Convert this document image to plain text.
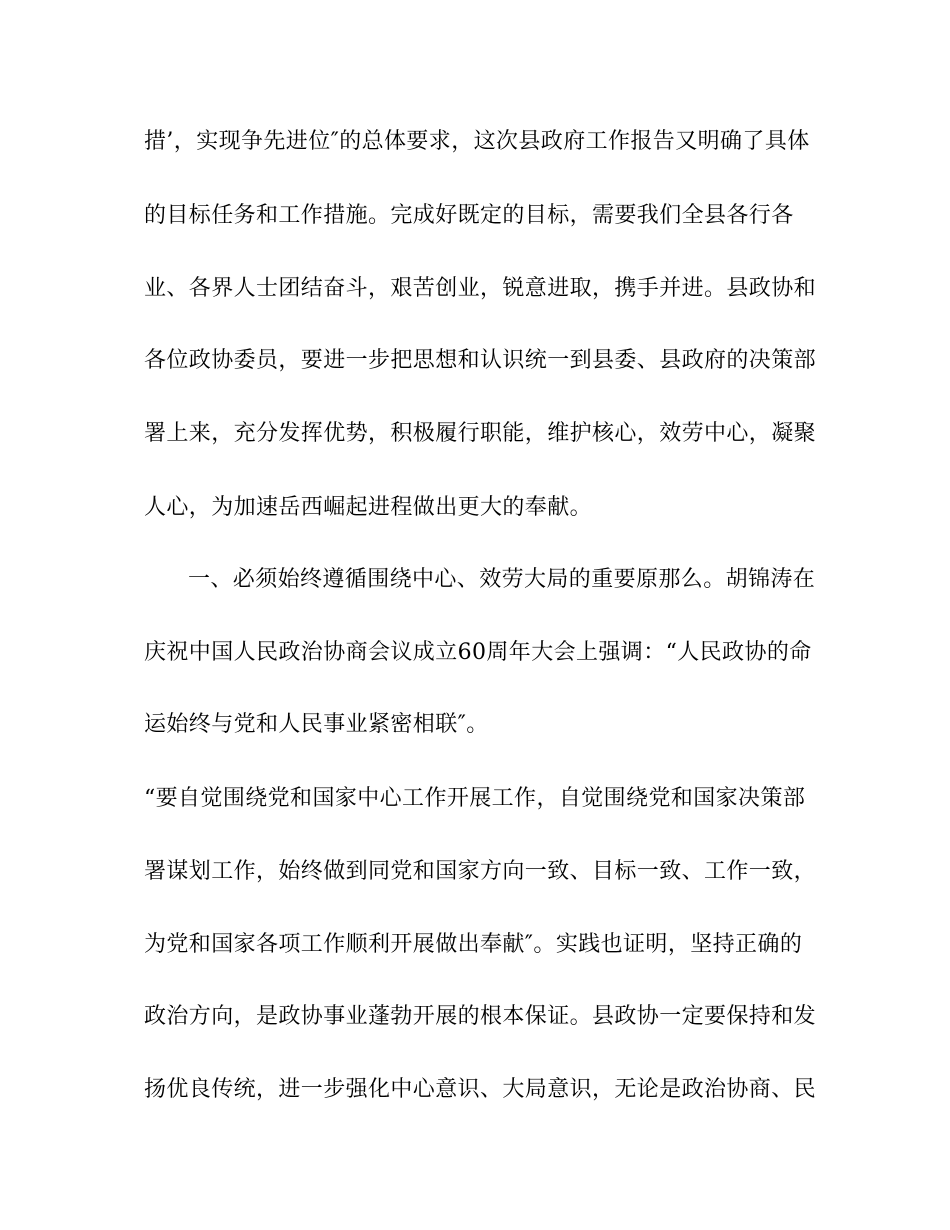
措’，实现争先进位″的总体要求，这次县政府工作报告又明确了具体
的目标任务和工作措施。完成好既定的目标，需要我们全县各行各
业、各界人士团结奋斗，艰苦创业，锐意进取，携手并进。县政协和
各位政协委员，要进一步把思想和认识统一到县委、县政府的决策部
署上来，充分发挥优势，积极履行职能，维护核心，效劳中心，凝聚
人心，为加速岳西崛起进程做出更大的奉献。
一、必须始终遵循围绕中心、效劳大局的重要原那么。胡锦涛在
庆祝中国人民政治协商会议成立60周年大会上强调：“人民政协的命
运始终与党和人民事业紧密相联″。
“要自觉围绕党和国家中心工作开展工作，自觉围绕党和国家决策部
署谋划工作，始终做到同党和国家方向一致、目标一致、工作一致，
为党和国家各项工作顺利开展做出奉献″。实践也证明，坚持正确的
政治方向，是政协事业蓬勃开展的根本保证。县政协一定要保持和发
扬优良传统，进一步强化中心意识、大局意识，无论是政治协商、民
